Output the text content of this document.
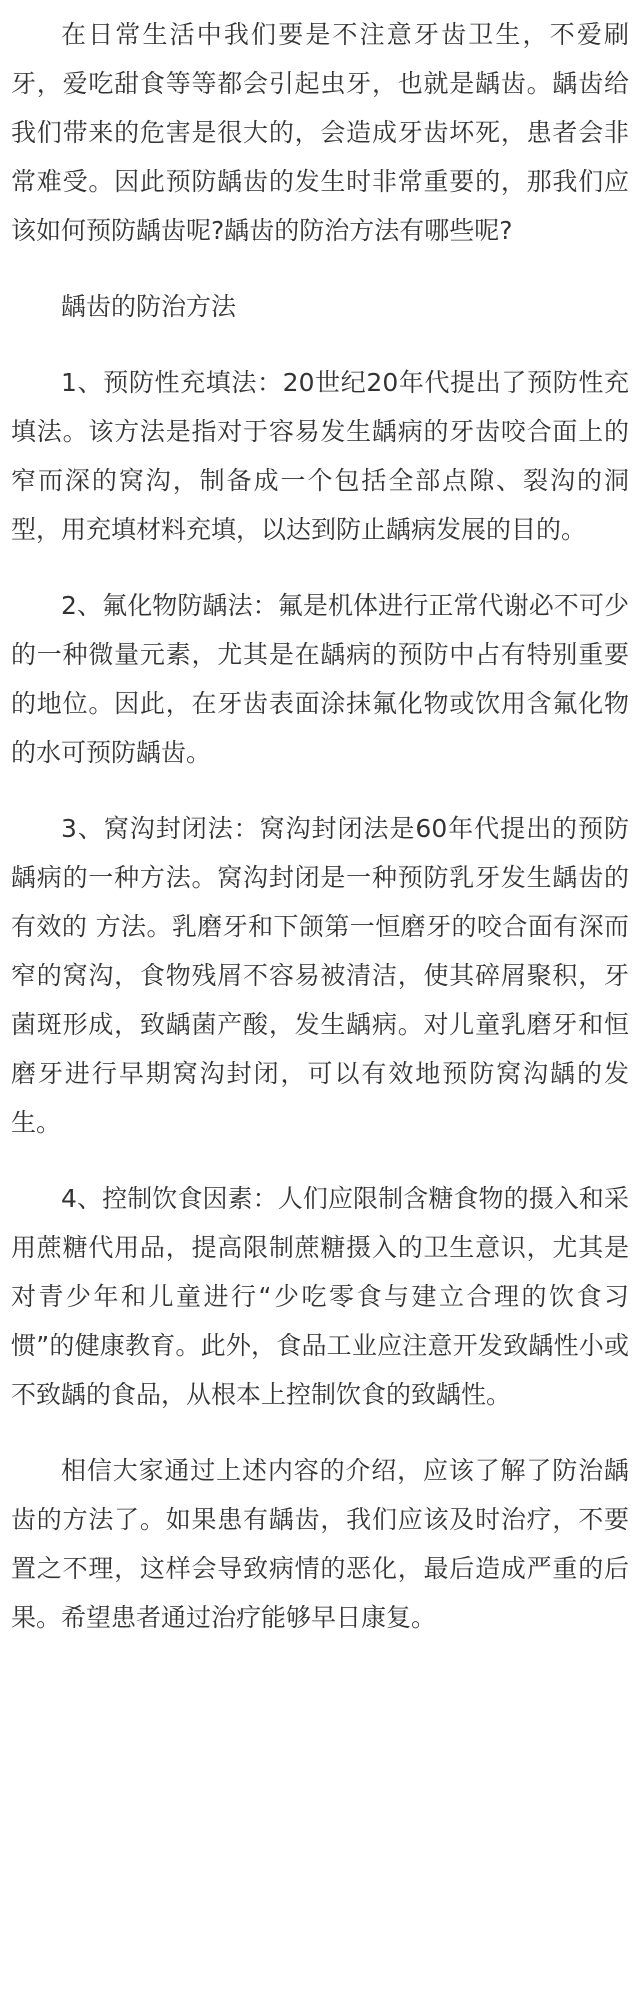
在日常生活中我们要是不注意牙齿卫生，不爱刷牙，爱吃甜食等等都会引起虫牙，也就是龋齿。龋齿给我们带来的危害是很大的，会造成牙齿坏死，患者会非常难受。因此预防龋齿的发生时非常重要的，那我们应该如何预防龋齿呢?龋齿的防治方法有哪些呢?

龋齿的防治方法

1、预防性充填法：20世纪20年代提出了预防性充填法。该方法是指对于容易发生龋病的牙齿咬合面上的窄而深的窝沟，制备成一个包括全部点隙、裂沟的洞型，用充填材料充填，以达到防止龋病发展的目的。

2、氟化物防龋法：氟是机体进行正常代谢必不可少的一种微量元素，尤其是在龋病的预防中占有特别重要的地位。因此，在牙齿表面涂抹氟化物或饮用含氟化物的水可预防龋齿。

3、窝沟封闭法：窝沟封闭法是60年代提出的预防龋病的一种方法。窝沟封闭是一种预防乳牙发生龋齿的有效的 方法。乳磨牙和下颌第一恒磨牙的咬合面有深而窄的窝沟，食物残屑不容易被清洁，使其碎屑聚积，牙菌斑形成，致龋菌产酸，发生龋病。对儿童乳磨牙和恒磨牙进行早期窝沟封闭，可以有效地预防窝沟龋的发生。

4、控制饮食因素：人们应限制含糖食物的摄入和采用蔗糖代用品，提高限制蔗糖摄入的卫生意识，尤其是对青少年和儿童进行“少吃零食与建立合理的饮食习惯”的健康教育。此外，食品工业应注意开发致龋性小或不致龋的食品，从根本上控制饮食的致龋性。

相信大家通过上述内容的介绍，应该了解了防治龋齿的方法了。如果患有龋齿，我们应该及时治疗，不要置之不理，这样会导致病情的恶化，最后造成严重的后果。希望患者通过治疗能够早日康复。
